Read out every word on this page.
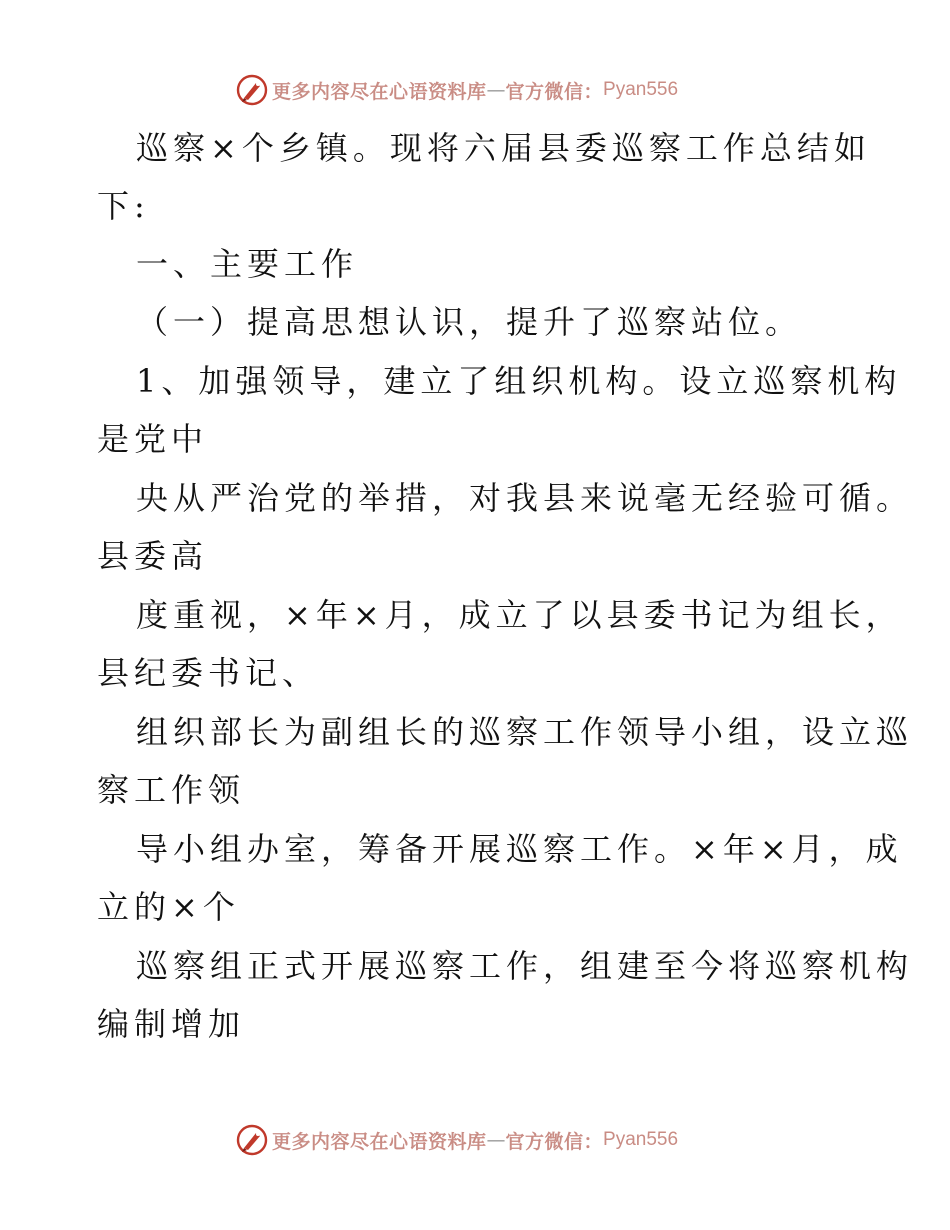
更多内容尽在心语资料库 — 官方微信： Pyan556
巡察×个乡镇。现将六届县委巡察工作总结如
下:
一、主要工作
（一）提高思想认识，提升了巡察站位。
1、加强领导，建立了组织机构。设立巡察机构
是党中
央从严治党的举措，对我县来说毫无经验可循。
县委高
度重视，×年×月，成立了以县委书记为组长，
县纪委书记、
组织部长为副组长的巡察工作领导小组，设立巡
察工作领
导小组办室，筹备开展巡察工作。×年×月，成
立的×个
巡察组正式开展巡察工作，组建至今将巡察机构
编制增加
更多内容尽在心语资料库 — 官方微信： Pyan556
